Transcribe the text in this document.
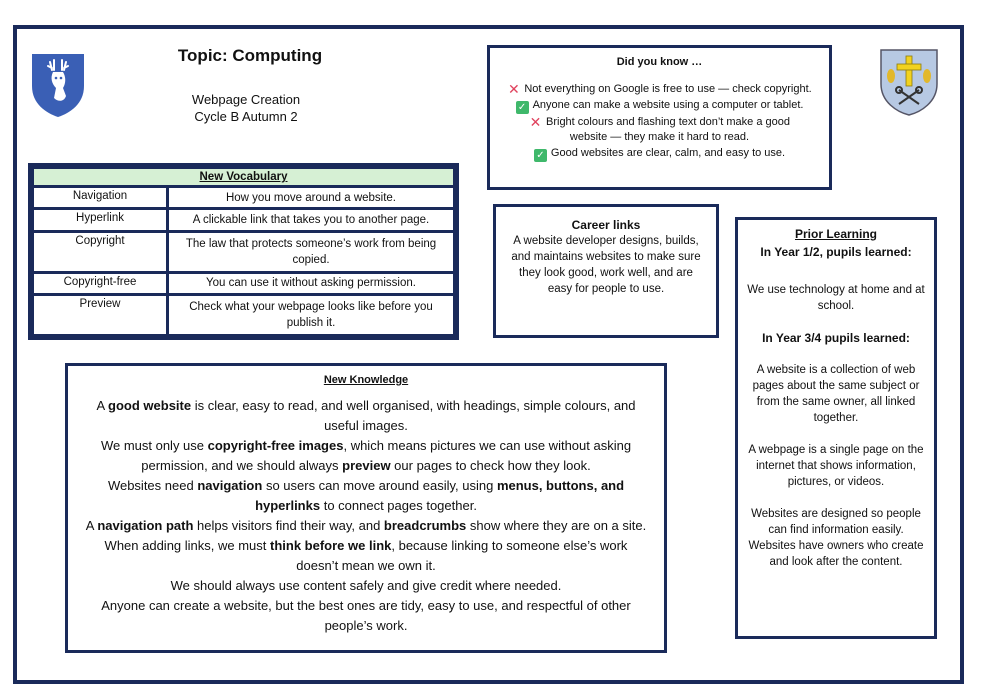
Topic: Computing
Webpage Creation
Cycle B Autumn 2
Did you know …

✕ Not everything on Google is free to use — check copyright.

✓ Anyone can make a website using a computer or tablet.

✕ Bright colours and flashing text don’t make a good website — they make it hard to read.

✓ Good websites are clear, calm, and easy to use.

New Vocabulary	
Navigation	How you move around a website.
Hyperlink	A clickable link that takes you to another page.
Copyright	The law that protects someone’s work from being copied.
Copyright-free	You can use it without asking permission.
Preview	Check what your webpage looks like before you publish it.
Career links

A website developer designs, builds, and maintains websites to make sure they look good, work well, and are easy for people to use.

Prior Learning

In Year 1/2, pupils learned:

We use technology at home and at school.

In Year 3/4 pupils learned:

A website is a collection of web pages about the same subject or from the same owner, all linked together.

A webpage is a single page on the internet that shows information, pictures, or videos.

Websites are designed so people can find information easily.

Websites have owners who create and look after the content.

New Knowledge

A good website is clear, easy to read, and well organised, with headings, simple colours, and useful images.

We must only use copyright-free images, which means pictures we can use without asking permission, and we should always preview our pages to check how they look.

Websites need navigation so users can move around easily, using menus, buttons, and hyperlinks to connect pages together.

A navigation path helps visitors find their way, and breadcrumbs show where they are on a site. When adding links, we must think before we link, because linking to someone else’s work doesn’t mean we own it.

We should always use content safely and give credit where needed.

Anyone can create a website, but the best ones are tidy, easy to use, and respectful of other people’s work.
